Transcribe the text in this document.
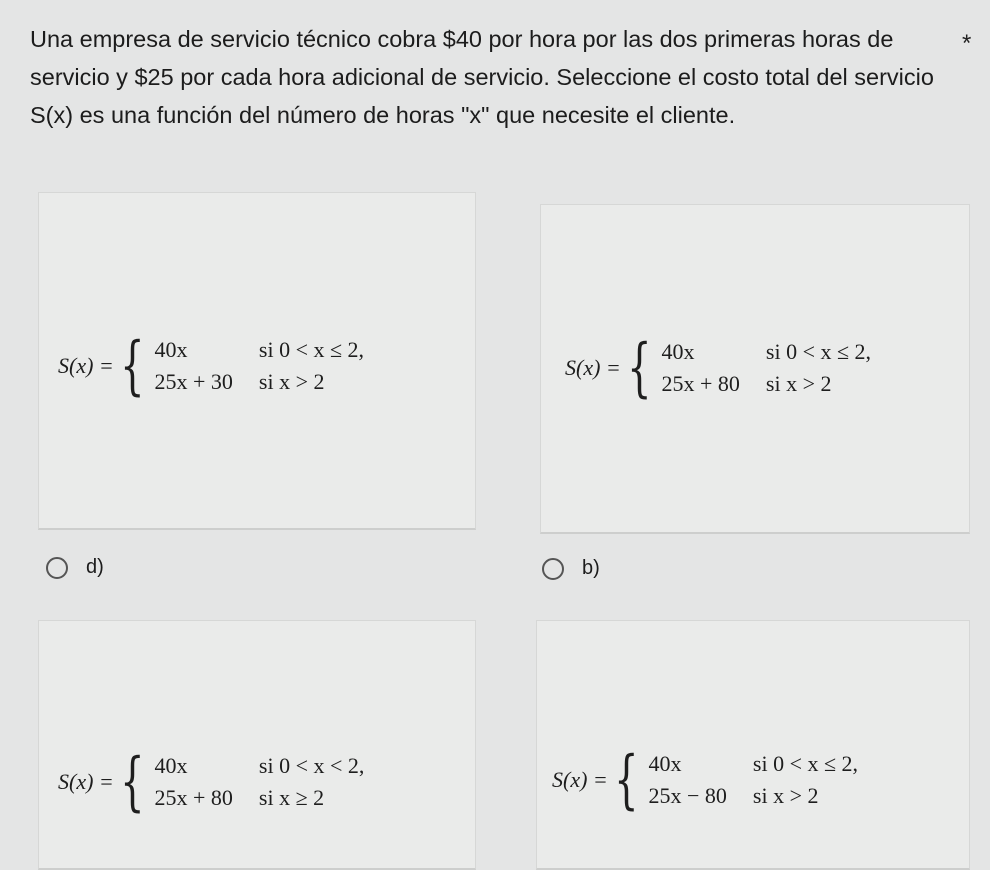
Una empresa de servicio técnico cobra $40 por hora por las dos primeras horas de servicio y $25 por cada hora adicional de servicio. Seleccione el costo total del servicio S(x) es una función del número de horas "x" que necesite el cliente.
*
S(x) = { 40x	si 0 < x ≤ 2,
25x + 30 si x > 2
d)
S(x) = { 40x	si 0 < x ≤ 2,
25x + 80 si x > 2
b)
S(x) = { 40x	si 0 < x < 2,
25x + 80 si x ≥ 2
S(x) = { 40x	si 0 < x ≤ 2,
25x − 80 si x > 2
